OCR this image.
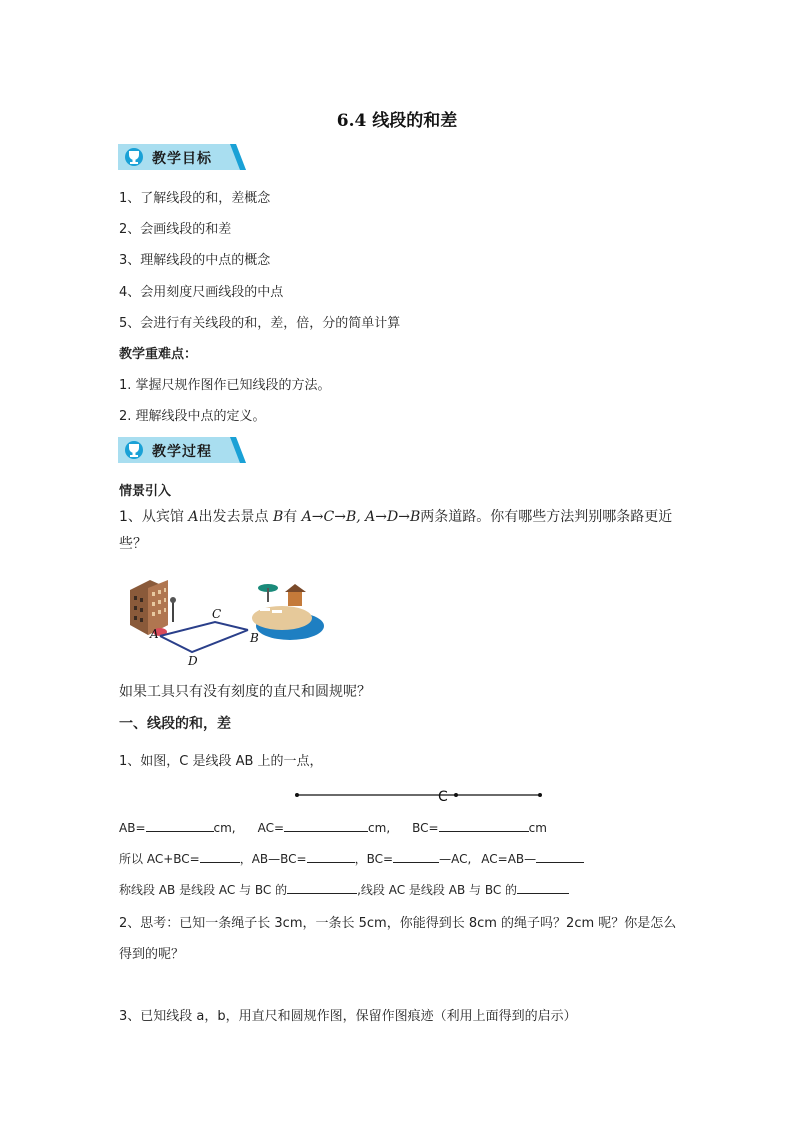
6.4 线段的和差
教学目标
1、了解线段的和，差概念
2、会画线段的和差
3、理解线段的中点的概念
4、会用刻度尺画线段的中点
5、会进行有关线段的和，差，倍，分的简单计算
教学重难点：
1. 掌握尺规作图作已知线段的方法。
2. 理解线段中点的定义。
教学过程
情景引入
1、从宾馆 A出发去景点 B有 A→C→B, A→D→B两条道路。你有哪些方法判别哪条路更近
些？
A
C
B
D
如果工具只有没有刻度的直尺和圆规呢？
一、线段的和，差
1、如图，C 是线段 AB 上的一点，
C
AB=	cm, AC=	cm, BC=	cm
所以 AC+BC=	，AB—BC=	，BC=	—AC, AC=AB—
称线段 AB 是线段 AC 与 BC 的	,线段 AC 是线段 AB 与 BC 的
2、思考：已知一条绳子长 3cm，一条长 5cm，你能得到长 8cm 的绳子吗？2cm 呢？你是怎么
得到的呢？
3、已知线段 a，b，用直尺和圆规作图，保留作图痕迹（利用上面得到的启示）
